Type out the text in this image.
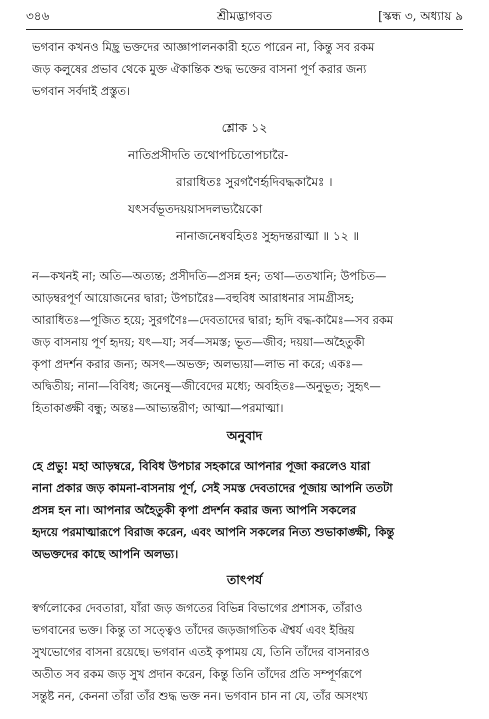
৩৪৬	শ্রীমদ্ভাগবত	[স্কন্ধ ৩, অধ্যায় ৯
ভগবান কখনও মিছ্র ভক্তদের আজ্ঞাপালনকারী হতে পারেন না, কিন্তু সব রকম
জড় কলুষের প্রভাব থেকে মুক্ত ঐকান্তিক শুদ্ধ ভক্তের বাসনা পূর্ণ করার জন্য
ভগবান সর্বদাই প্রস্তুত।
শ্লোক ১২
নাতিপ্রসীদতি তথোপচিতোপচারৈ-
রারাধিতঃ সুরগণৈর্হৃদিবদ্ধকামৈঃ ।
যৎসর্বভূতদয়য়াসদলভ্যয়ৈকো
নানাজনেষ্ববহিতঃ সুহৃদন্তরাত্মা ॥ ১২ ॥
ন—কখনই না; অতি—অত্যন্ত; প্রসীদতি—প্রসন্ন হন; তথা—ততখানি; উপচিত—
আড়ম্বরপূর্ণ আয়োজনের দ্বারা; উপচারৈঃ—বহুবিধ আরাধনার সামগ্রীসহ;
আরাধিতঃ—পূজিত হয়ে; সুরগণৈঃ—দেবতাদের দ্বারা; হৃদি বদ্ধ-কামৈঃ—সব রকম
জড় বাসনায় পূর্ণ হৃদয়; যৎ—যা; সর্ব—সমস্ত; ভূত—জীব; দয়য়া—অহৈতুকী
কৃপা প্রদর্শন করার জন্য; অসৎ—অভক্ত; অলভ্যয়া—লাভ না করে; একঃ—
অদ্বিতীয়; নানা—বিবিধ; জনেষু—জীবেদের মধ্যে; অবহিতঃ—অনুভূত; সুহৃৎ—
হিতাকাঙ্ক্ষী বন্ধু; অন্তঃ—আভ্যন্তরীণ; আত্মা—পরমাত্মা।
অনুবাদ
হে প্রভু! মহা আড়ম্বরে, বিবিধ উপচার সহকারে আপনার পূজা করলেও যারা
নানা প্রকার জড় কামনা-বাসনায় পূর্ণ, সেই সমস্ত দেবতাদের পূজায় আপনি ততটা
প্রসন্ন হন না। আপনার অহৈতুকী কৃপা প্রদর্শন করার জন্য আপনি সকলের
হৃদয়ে পরমাত্মারূপে বিরাজ করেন, এবং আপনি সকলের নিত্য শুভাকাঙ্ক্ষী, কিন্তু
অভক্তদের কাছে আপনি অলভ্য।
তাৎপর্য
স্বর্গলোকের দেবতারা, যাঁরা জড় জগতের বিভিন্ন বিভাগের প্রশাসক, তাঁরাও
ভগবানের ভক্ত। কিন্তু তা সত্ত্বেও তাঁদের জড়জাগতিক ঐশ্বর্য এবং ইন্দ্রিয়
সুখভোগের বাসনা রয়েছে। ভগবান এতই কৃপাময় যে, তিনি তাঁদের বাসনারও
অতীত সব রকম জড় সুখ প্রদান করেন, কিন্তু তিনি তাঁদের প্রতি সম্পূর্ণরূপে
সন্তুষ্ট নন, কেননা তাঁরা তাঁর শুদ্ধ ভক্ত নন। ভগবান চান না যে, তাঁর অসংখ্য
